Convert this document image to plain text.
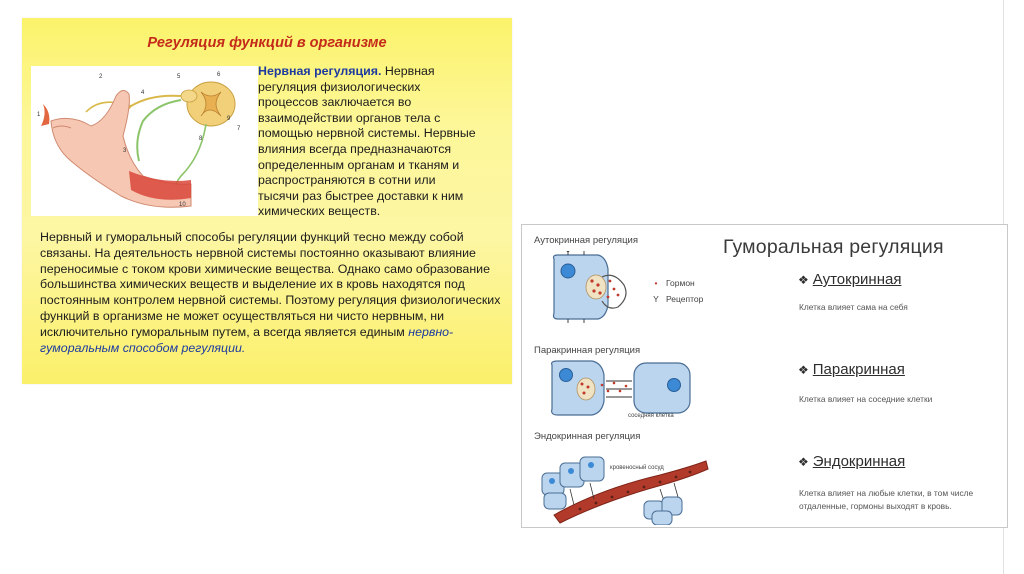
Регуляция функций в организме
1
2
3
4
5	6
7
8
9
10
Нервная регуляция. Нервная регуляция физиологических процессов заключается во взаимодействии органов тела с помощью нервной системы. Нервные влияния всегда предназначаются определенным органам и тканям и распространяются в сотни или тысячи раз быстрее доставки к ним химических веществ.
Нервный и гуморальный способы регуляции функций тесно между собой связаны. На деятельность нервной системы постоянно оказывают влияние переносимые с током крови химические вещества. Однако само образование большинства химических веществ и выделение их в кровь находятся под постоянным контролем нервной системы. Поэтому регуляция физиологических функций в организме не может осуществляться ни чисто нервным, ни исключительно гуморальным путем, а всегда является единым нервно-гуморальным способом регуляции.
Гуморальная регуляция
Аутокринная регуляция
•	Гормон
Y Рецептор
❖ Аутокринная
Клетка влияет сама на себя
Паракринная регуляция
соседняя клетка
❖ Паракринная
Клетка влияет на соседние клетки
Эндокринная регуляция
кровеносный сосуд	❖ Эндокринная
Клетка влияет на любые клетки, в том числе отдаленные, гормоны выходят в кровь.
